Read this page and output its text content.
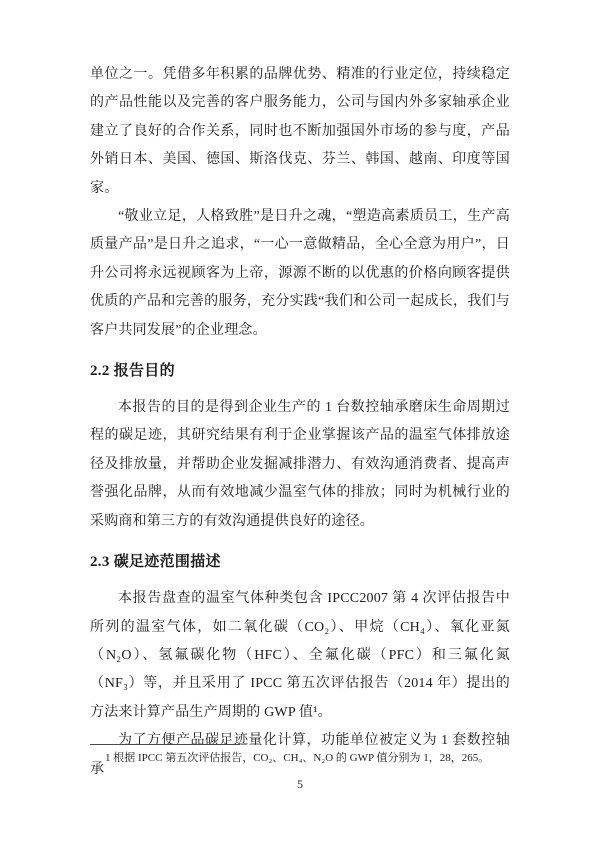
单位之一。凭借多年积累的品牌优势、精准的行业定位，持续稳定的产品性能以及完善的客户服务能力，公司与国内外多家轴承企业建立了良好的合作关系，同时也不断加强国外市场的参与度，产品外销日本、美国、德国、斯洛伐克、芬兰、韩国、越南、印度等国家。

“敬业立足，人格致胜”是日升之魂，“塑造高素质员工，生产高质量产品”是日升之追求，“一心一意做精品，全心全意为用户”，日升公司将永远视顾客为上帝，源源不断的以优惠的价格向顾客提供优质的产品和完善的服务，充分实践“我们和公司一起成长，我们与客户共同发展”的企业理念。

2.2 报告目的

本报告的目的是得到企业生产的 1 台数控轴承磨床生命周期过程的碳足迹，其研究结果有利于企业掌握该产品的温室气体排放途径及排放量，并帮助企业发掘减排潜力、有效沟通消费者、提高声誉强化品牌，从而有效地减少温室气体的排放；同时为机械行业的采购商和第三方的有效沟通提供良好的途径。

2.3 碳足迹范围描述

本报告盘查的温室气体种类包含 IPCC2007 第 4 次评估报告中所列的温室气体，如二氧化碳（CO₂）、甲烷（CH₄）、氧化亚氮（N₂O）、氢氟碳化物（HFC）、全氟化碳（PFC）和三氟化氮（NF₃）等，并且采用了 IPCC 第五次评估报告（2014 年）提出的方法来计算产品生产周期的 GWP 值¹。

为了方便产品碳足迹量化计算，功能单位被定义为 1 套数控轴承

1 根据 IPCC 第五次评估报告，CO₂、CH₄、N₂O 的 GWP 值分别为 1，28，265。

5
